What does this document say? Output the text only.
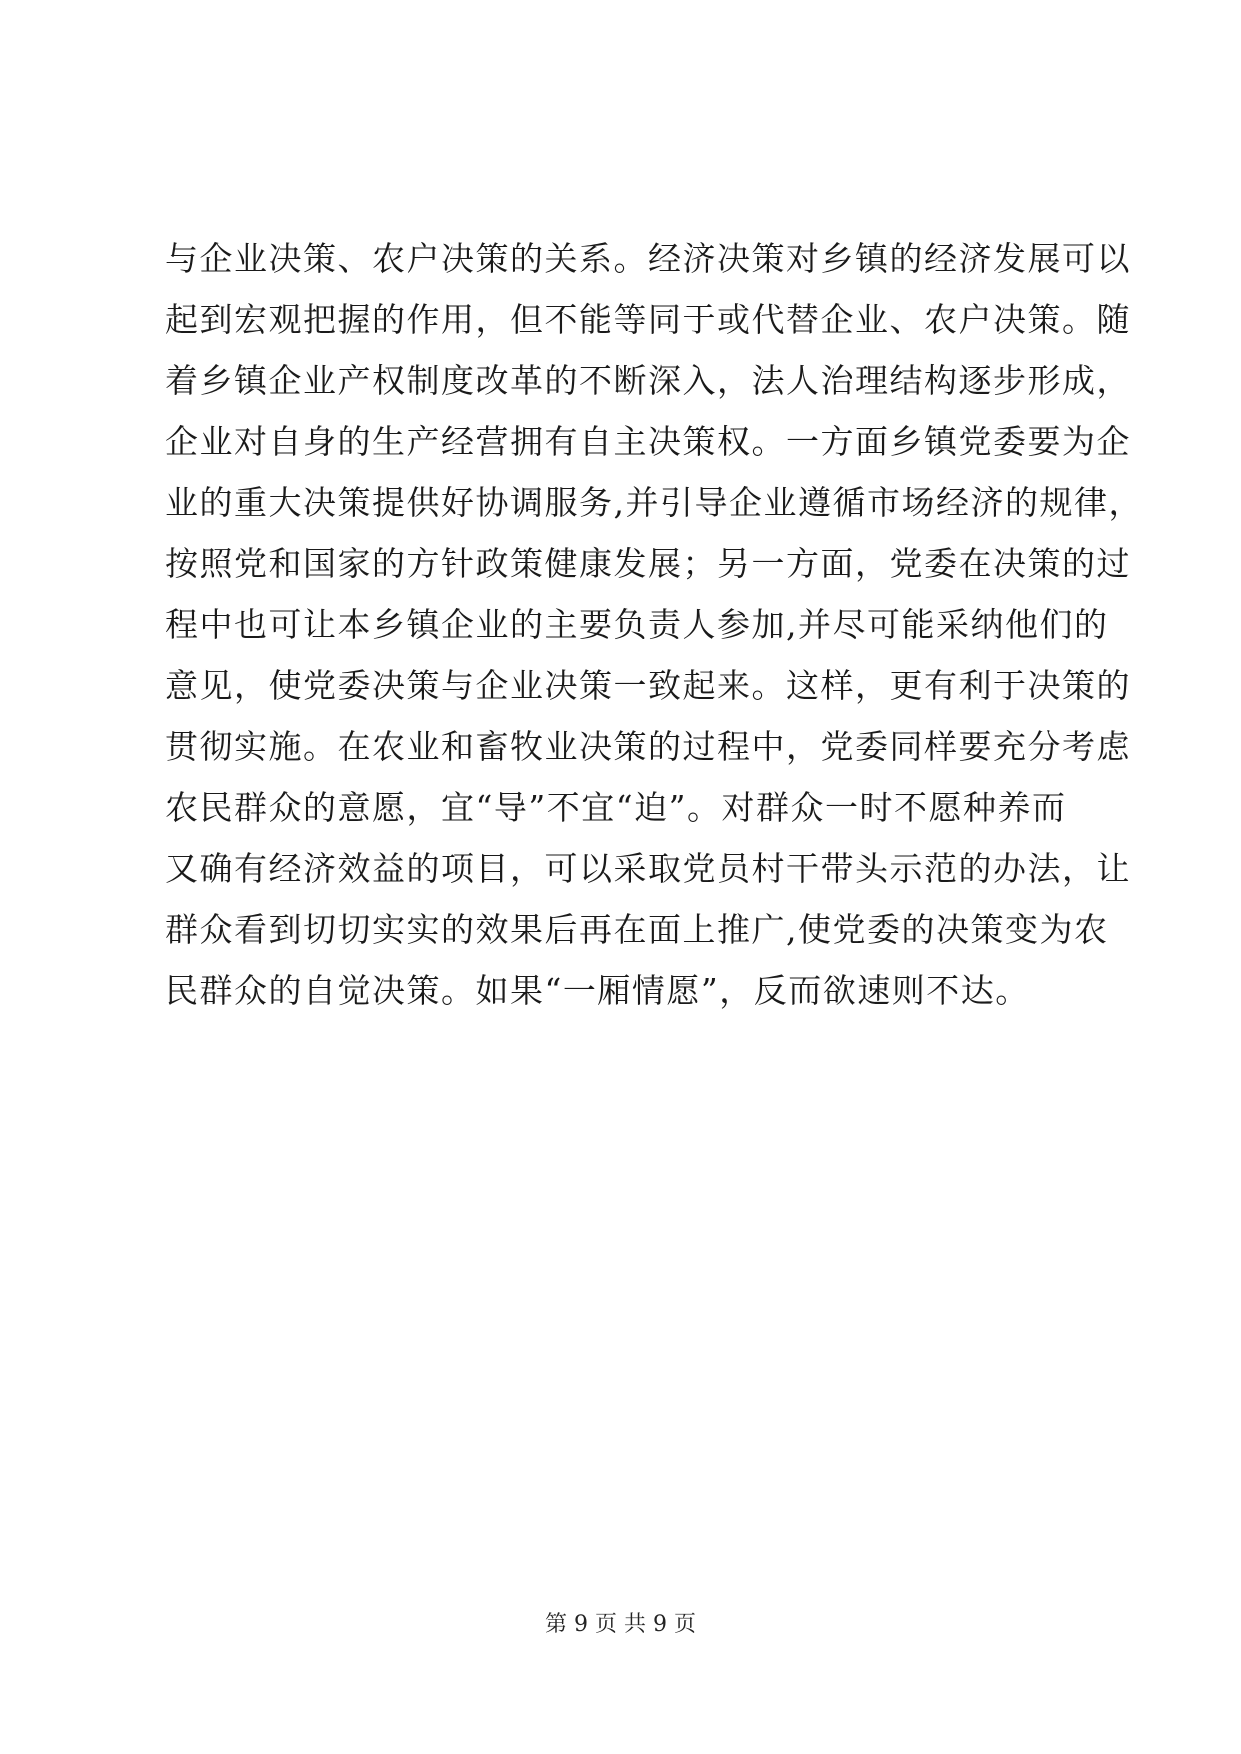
与企业决策、农户决策的关系。经济决策对乡镇的经济发展可以
起到宏观把握的作用，但不能等同于或代替企业、农户决策。随
着乡镇企业产权制度改革的不断深入，法人治理结构逐步形成，
企业对自身的生产经营拥有自主决策权。一方面乡镇党委要为企
业的重大决策提供好协调服务,并引导企业遵循市场经济的规律，
按照党和国家的方针政策健康发展；另一方面，党委在决策的过
程中也可让本乡镇企业的主要负责人参加,并尽可能采纳他们的
意见，使党委决策与企业决策一致起来。这样，更有利于决策的
贯彻实施。在农业和畜牧业决策的过程中，党委同样要充分考虑
农民群众的意愿，宜“导”不宜“迫”。对群众一时不愿种养而
又确有经济效益的项目，可以采取党员村干带头示范的办法，让
群众看到切切实实的效果后再在面上推广,使党委的决策变为农
民群众的自觉决策。如果“一厢情愿”，反而欲速则不达。
第 9 页 共 9 页
